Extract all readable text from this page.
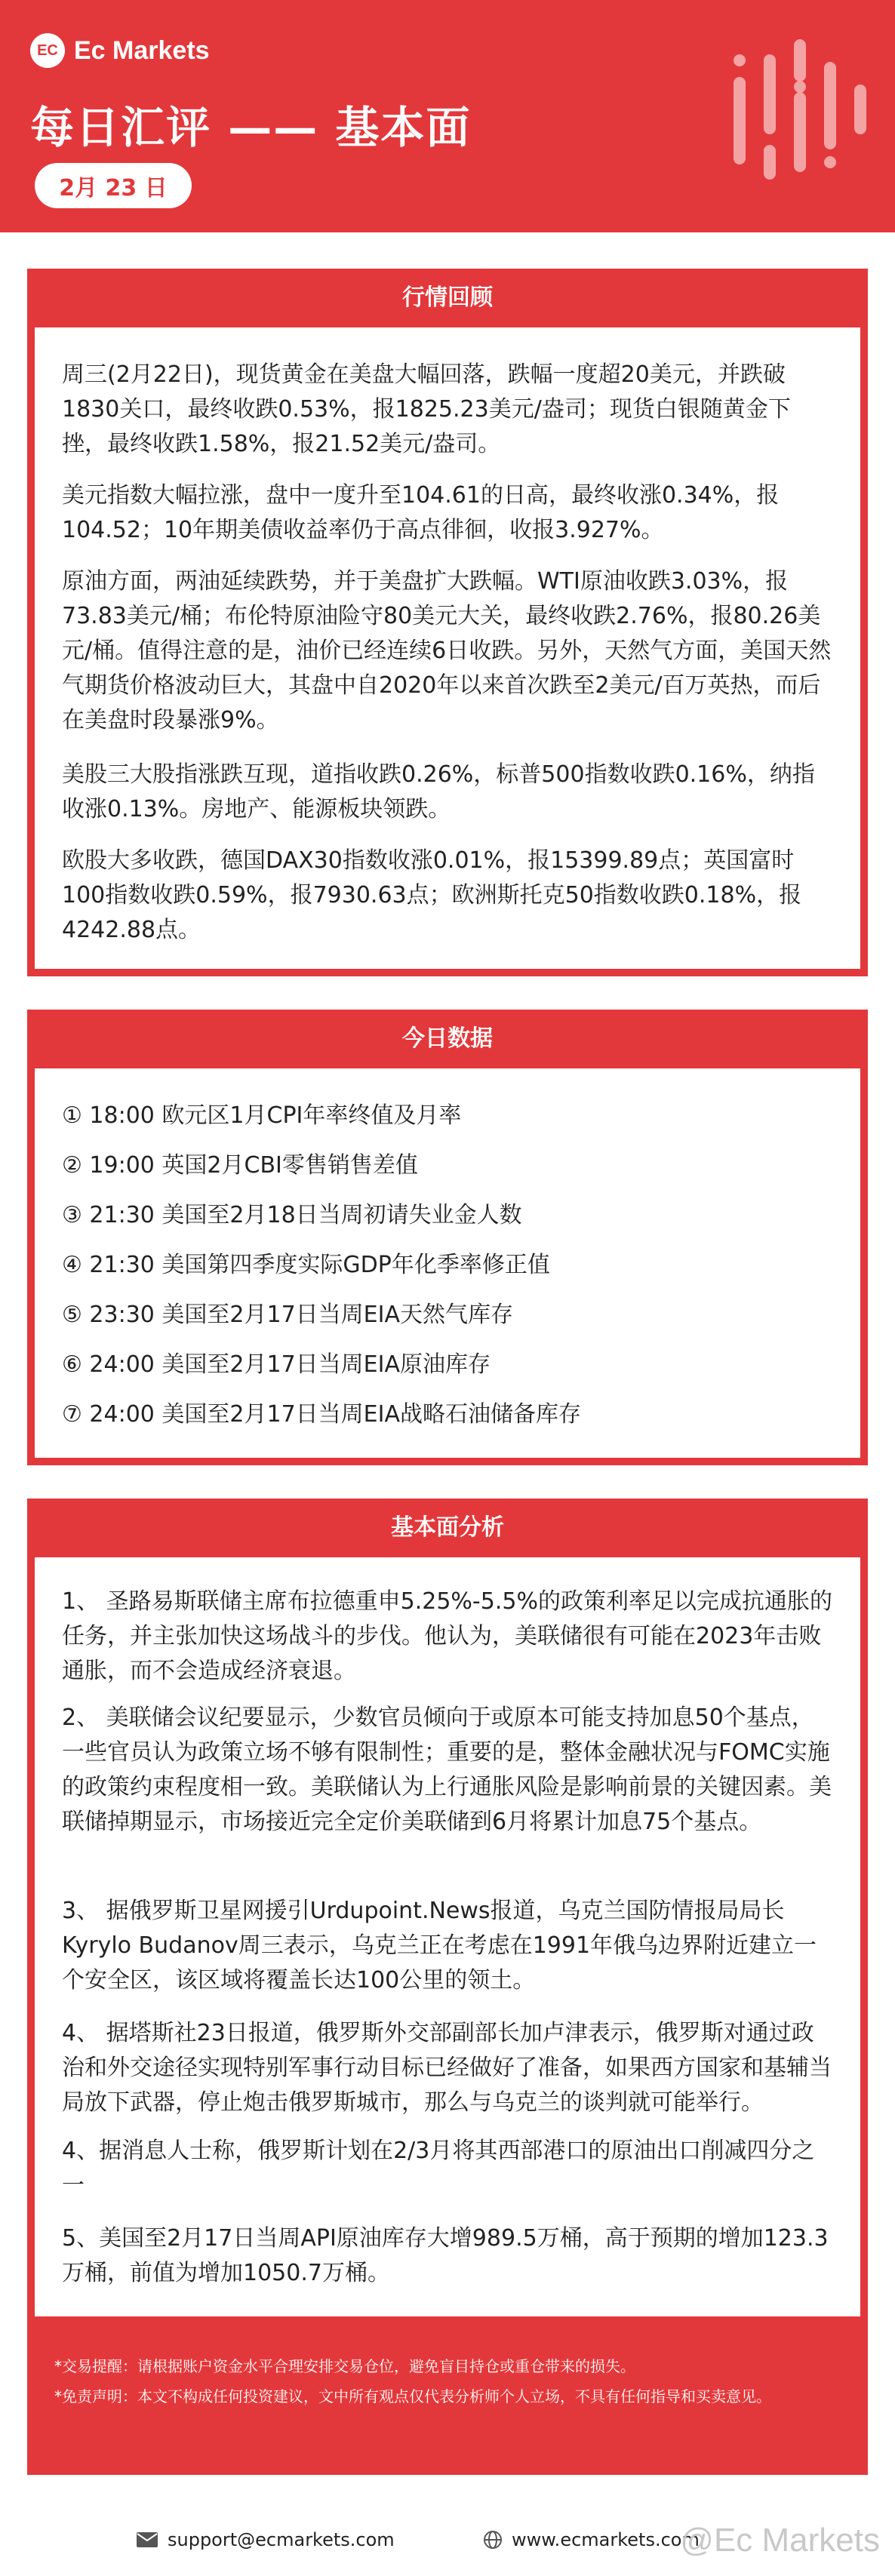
EC Ec Markets
每日汇评 —— 基本面
2月 23 日
行情回顾
周三(2月22日)，现货黄金在美盘大幅回落，跌幅一度超20美元，并跌破1830关口，最终收跌0.53%，报1825.23美元/盎司；现货白银随黄金下挫，最终收跌1.58%，报21.52美元/盎司。
美元指数大幅拉涨，盘中一度升至104.61的日高，最终收涨0.34%，报104.52；10年期美债收益率仍于高点徘徊，收报3.927%。
原油方面，两油延续跌势，并于美盘扩大跌幅。WTI原油收跌3.03%，报73.83美元/桶；布伦特原油险守80美元大关，最终收跌2.76%，报80.26美元/桶。值得注意的是，油价已经连续6日收跌。另外，天然气方面，美国天然气期货价格波动巨大，其盘中自2020年以来首次跌至2美元/百万英热，而后在美盘时段暴涨9%。
美股三大股指涨跌互现，道指收跌0.26%，标普500指数收跌0.16%，纳指收涨0.13%。房地产、能源板块领跌。
欧股大多收跌，德国DAX30指数收涨0.01%，报15399.89点；英国富时100指数收跌0.59%，报7930.63点；欧洲斯托克50指数收跌0.18%，报4242.88点。
今日数据
① 18:00 欧元区1月CPI年率终值及月率
② 19:00 英国2月CBI零售销售差值
③ 21:30 美国至2月18日当周初请失业金人数
④ 21:30 美国第四季度实际GDP年化季率修正值
⑤ 23:30 美国至2月17日当周EIA天然气库存
⑥ 24:00 美国至2月17日当周EIA原油库存
⑦ 24:00 美国至2月17日当周EIA战略石油储备库存
基本面分析
1、 圣路易斯联储主席布拉德重申5.25%-5.5%的政策利率足以完成抗通胀的任务，并主张加快这场战斗的步伐。他认为，美联储很有可能在2023年击败通胀，而不会造成经济衰退。
2、 美联储会议纪要显示，少数官员倾向于或原本可能支持加息50个基点，一些官员认为政策立场不够有限制性；重要的是，整体金融状况与FOMC实施的政策约束程度相一致。美联储认为上行通胀风险是影响前景的关键因素。美联储掉期显示，市场接近完全定价美联储到6月将累计加息75个基点。
3、 据俄罗斯卫星网援引Urdupoint.News报道，乌克兰国防情报局局长Kyrylo Budanov周三表示，乌克兰正在考虑在1991年俄乌边界附近建立一个安全区，该区域将覆盖长达100公里的领土。
4、 据塔斯社23日报道，俄罗斯外交部副部长加卢津表示，俄罗斯对通过政治和外交途径实现特别军事行动目标已经做好了准备，如果西方国家和基辅当局放下武器，停止炮击俄罗斯城市，那么与乌克兰的谈判就可能举行。
4、据消息人士称，俄罗斯计划在2/3月将其西部港口的原油出口削减四分之一
5、美国至2月17日当周API原油库存大增989.5万桶，高于预期的增加123.3万桶，前值为增加1050.7万桶。

*交易提醒：请根据账户资金水平合理安排交易仓位，避免盲目持仓或重仓带来的损失。

*免责声明：本文不构成任何投资建议，文中所有观点仅代表分析师个人立场，不具有任何指导和买卖意见。

support@ecmarkets.com	www.ecmarkets.com
@Ec Markets
